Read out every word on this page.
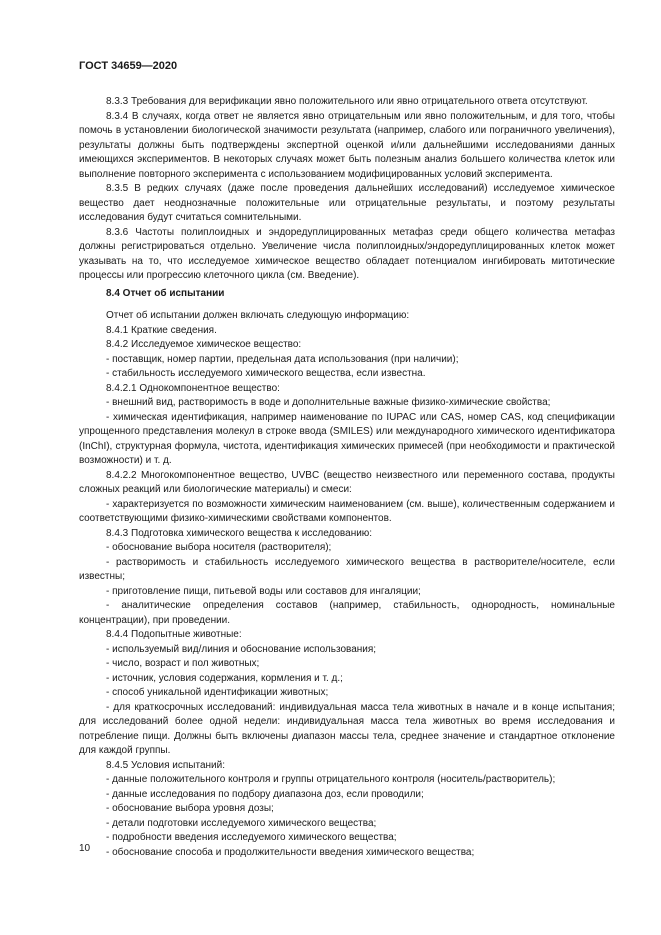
ГОСТ 34659—2020

8.3.3 Требования для верификации явно положительного или явно отрицательного ответа отсутствуют.

8.3.4 В случаях, когда ответ не является явно отрицательным или явно положительным, и для того, чтобы помочь в установлении биологической значимости результата (например, слабого или пограничного увеличения), результаты должны быть подтверждены экспертной оценкой и/или дальнейшими исследованиями данных имеющихся экспериментов. В некоторых случаях может быть полезным анализ большего количества клеток или выполнение повторного эксперимента с использованием модифицированных условий эксперимента.

8.3.5 В редких случаях (даже после проведения дальнейших исследований) исследуемое химическое вещество дает неоднозначные положительные или отрицательные результаты, и поэтому результаты исследования будут считаться сомнительными.

8.3.6 Частоты полиплоидных и эндоредуплицированных метафаз среди общего количества метафаз должны регистрироваться отдельно. Увеличение числа полиплоидных/эндоредуплицированных клеток может указывать на то, что исследуемое химическое вещество обладает потенциалом ингибировать митотические процессы или прогрессию клеточного цикла (см. Введение).

8.4 Отчет об испытании

Отчет об испытании должен включать следующую информацию:

8.4.1 Краткие сведения.

8.4.2 Исследуемое химическое вещество:

- поставщик, номер партии, предельная дата использования (при наличии);

- стабильность исследуемого химического вещества, если известна.

8.4.2.1 Однокомпонентное вещество:

- внешний вид, растворимость в воде и дополнительные важные физико-химические свойства;

- химическая идентификация, например наименование по IUPAC или CAS, номер CAS, код спецификации упрощенного представления молекул в строке ввода (SMILES) или международного химического идентификатора (InChI), структурная формула, чистота, идентификация химических примесей (при необходимости и практической возможности) и т. д.

8.4.2.2 Многокомпонентное вещество, UVBC (вещество неизвестного или переменного состава, продукты сложных реакций или биологические материалы) и смеси:

- характеризуется по возможности химическим наименованием (см. выше), количественным содержанием и соответствующими физико-химическими свойствами компонентов.

8.4.3 Подготовка химического вещества к исследованию:

- обоснование выбора носителя (растворителя);

- растворимость и стабильность исследуемого химического вещества в растворителе/носителе, если известны;

- приготовление пищи, питьевой воды или составов для ингаляции;

- аналитические определения составов (например, стабильность, однородность, номинальные концентрации), при проведении.

8.4.4 Подопытные животные:

- используемый вид/линия и обоснование использования;

- число, возраст и пол животных;

- источник, условия содержания, кормления и т. д.;

- способ уникальной идентификации животных;

- для краткосрочных исследований: индивидуальная масса тела животных в начале и в конце испытания; для исследований более одной недели: индивидуальная масса тела животных во время исследования и потребление пищи. Должны быть включены диапазон массы тела, среднее значение и стандартное отклонение для каждой группы.

8.4.5 Условия испытаний:

- данные положительного контроля и группы отрицательного контроля (носитель/растворитель);

- данные исследования по подбору диапазона доз, если проводили;

- обоснование выбора уровня дозы;

- детали подготовки исследуемого химического вещества;

- подробности введения исследуемого химического вещества;

- обоснование способа и продолжительности введения химического вещества;

10
